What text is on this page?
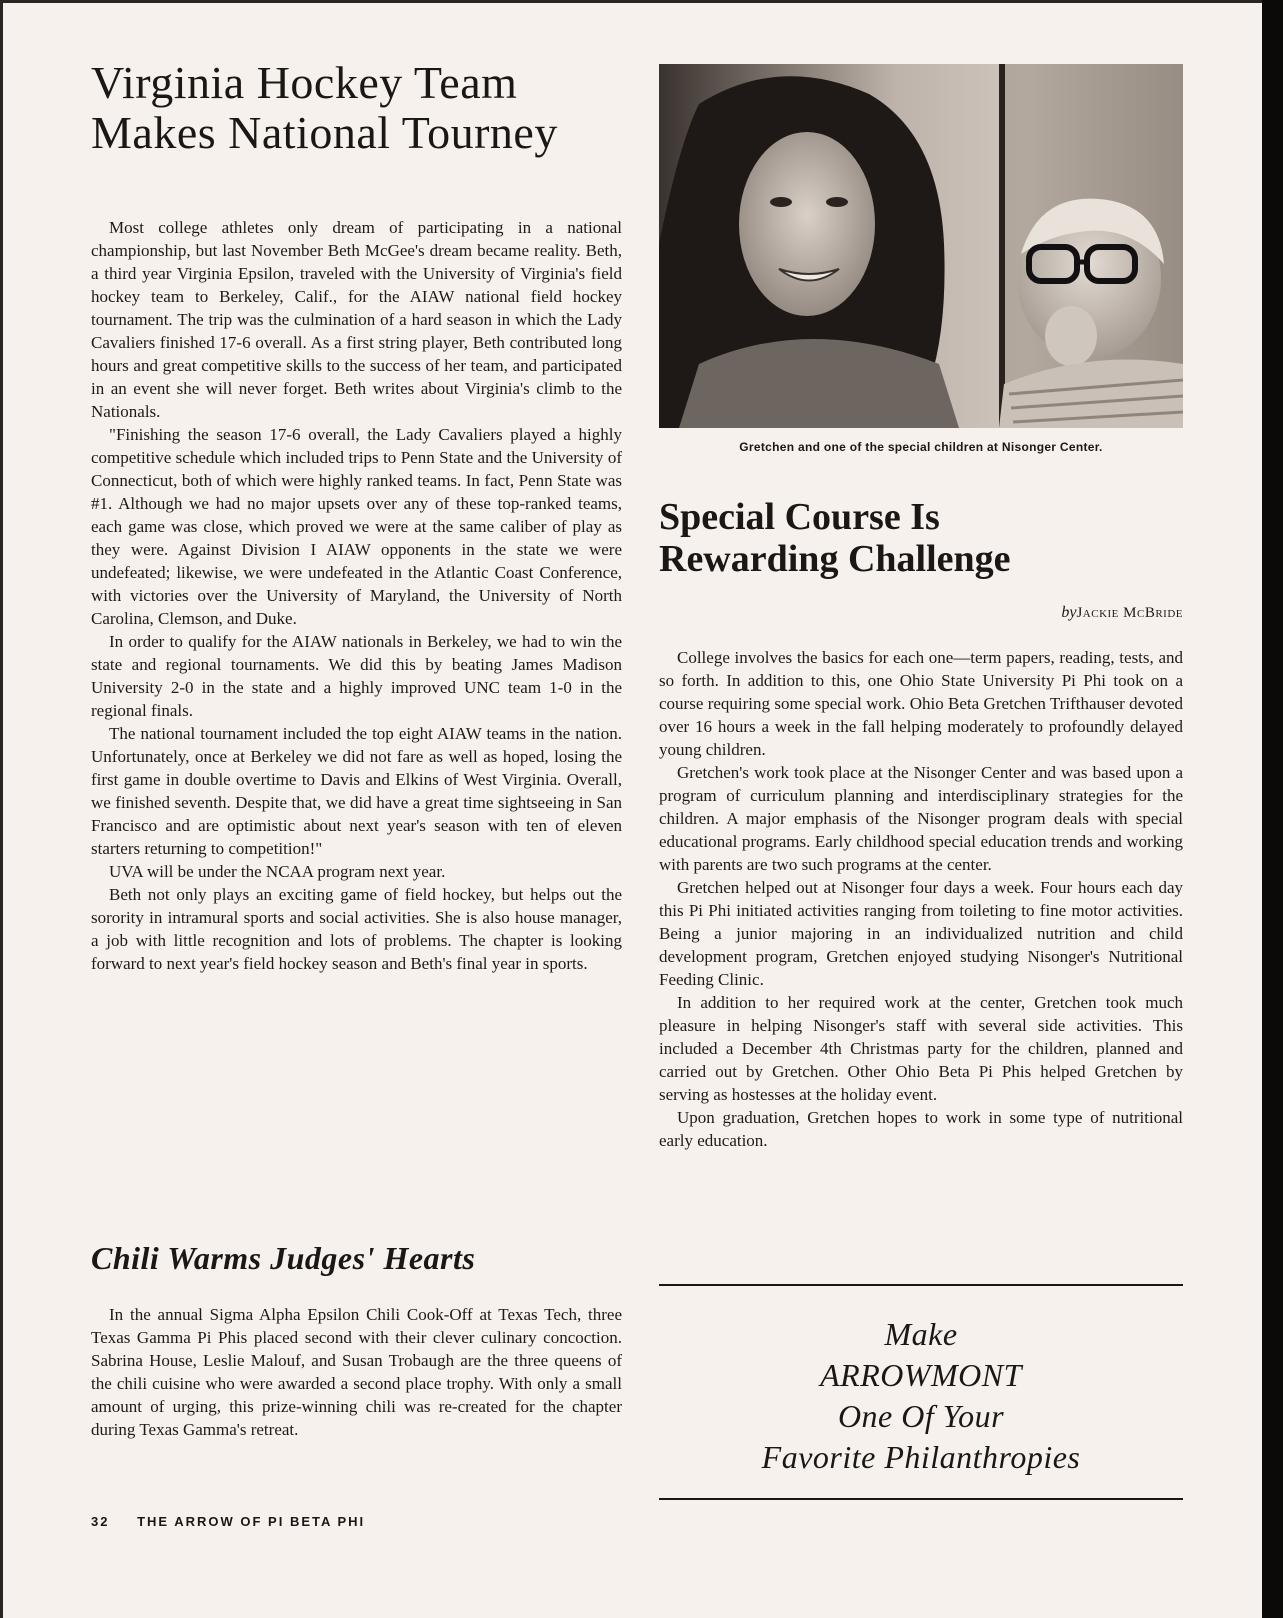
Virginia Hockey Team
Makes National Tourney

Most college athletes only dream of participating in a national championship, but last November Beth McGee's dream became reality. Beth, a third year Virginia Epsilon, traveled with the University of Virginia's field hockey team to Berkeley, Calif., for the AIAW national field hockey tournament. The trip was the culmination of a hard season in which the Lady Cavaliers finished 17-6 overall. As a first string player, Beth contributed long hours and great competitive skills to the success of her team, and participated in an event she will never forget. Beth writes about Virginia's climb to the Nationals.

"Finishing the season 17-6 overall, the Lady Cavaliers played a highly competitive schedule which included trips to Penn State and the University of Connecticut, both of which were highly ranked teams. In fact, Penn State was #1. Although we had no major upsets over any of these top-ranked teams, each game was close, which proved we were at the same caliber of play as they were. Against Division I AIAW opponents in the state we were undefeated; likewise, we were undefeated in the Atlantic Coast Conference, with victories over the University of Maryland, the University of North Carolina, Clemson, and Duke.

In order to qualify for the AIAW nationals in Berkeley, we had to win the state and regional tournaments. We did this by beating James Madison University 2-0 in the state and a highly improved UNC team 1-0 in the regional finals.

The national tournament included the top eight AIAW teams in the nation. Unfortunately, once at Berkeley we did not fare as well as hoped, losing the first game in double overtime to Davis and Elkins of West Virginia. Overall, we finished seventh. Despite that, we did have a great time sightseeing in San Francisco and are optimistic about next year's season with ten of eleven starters returning to competition!"

UVA will be under the NCAA program next year.

Beth not only plays an exciting game of field hockey, but helps out the sorority in intramural sports and social activities. She is also house manager, a job with little recognition and lots of problems. The chapter is looking forward to next year's field hockey season and Beth's final year in sports.

Chili Warms Judges' Hearts

In the annual Sigma Alpha Epsilon Chili Cook-Off at Texas Tech, three Texas Gamma Pi Phis placed second with their clever culinary concoction. Sabrina House, Leslie Malouf, and Susan Trobaugh are the three queens of the chili cuisine who were awarded a second place trophy. With only a small amount of urging, this prize-winning chili was re-created for the chapter during Texas Gamma's retreat.

32 THE ARROW OF PI BETA PHI
Gretchen and one of the special children at Nisonger Center.
Special Course Is
Rewarding Challenge
byJackie McBride

College involves the basics for each one—term papers, reading, tests, and so forth. In addition to this, one Ohio State University Pi Phi took on a course requiring some special work. Ohio Beta Gretchen Trifthauser devoted over 16 hours a week in the fall helping moderately to profoundly delayed young children.

Gretchen's work took place at the Nisonger Center and was based upon a program of curriculum planning and interdisciplinary strategies for the children. A major emphasis of the Nisonger program deals with special educational programs. Early childhood special education trends and working with parents are two such programs at the center.

Gretchen helped out at Nisonger four days a week. Four hours each day this Pi Phi initiated activities ranging from toileting to fine motor activities. Being a junior majoring in an individualized nutrition and child development program, Gretchen enjoyed studying Nisonger's Nutritional Feeding Clinic.

In addition to her required work at the center, Gretchen took much pleasure in helping Nisonger's staff with several side activities. This included a December 4th Christmas party for the children, planned and carried out by Gretchen. Other Ohio Beta Pi Phis helped Gretchen by serving as hostesses at the holiday event.

Upon graduation, Gretchen hopes to work in some type of nutritional early education.

Make
ARROWMONT
One Of Your
Favorite Philanthropies
